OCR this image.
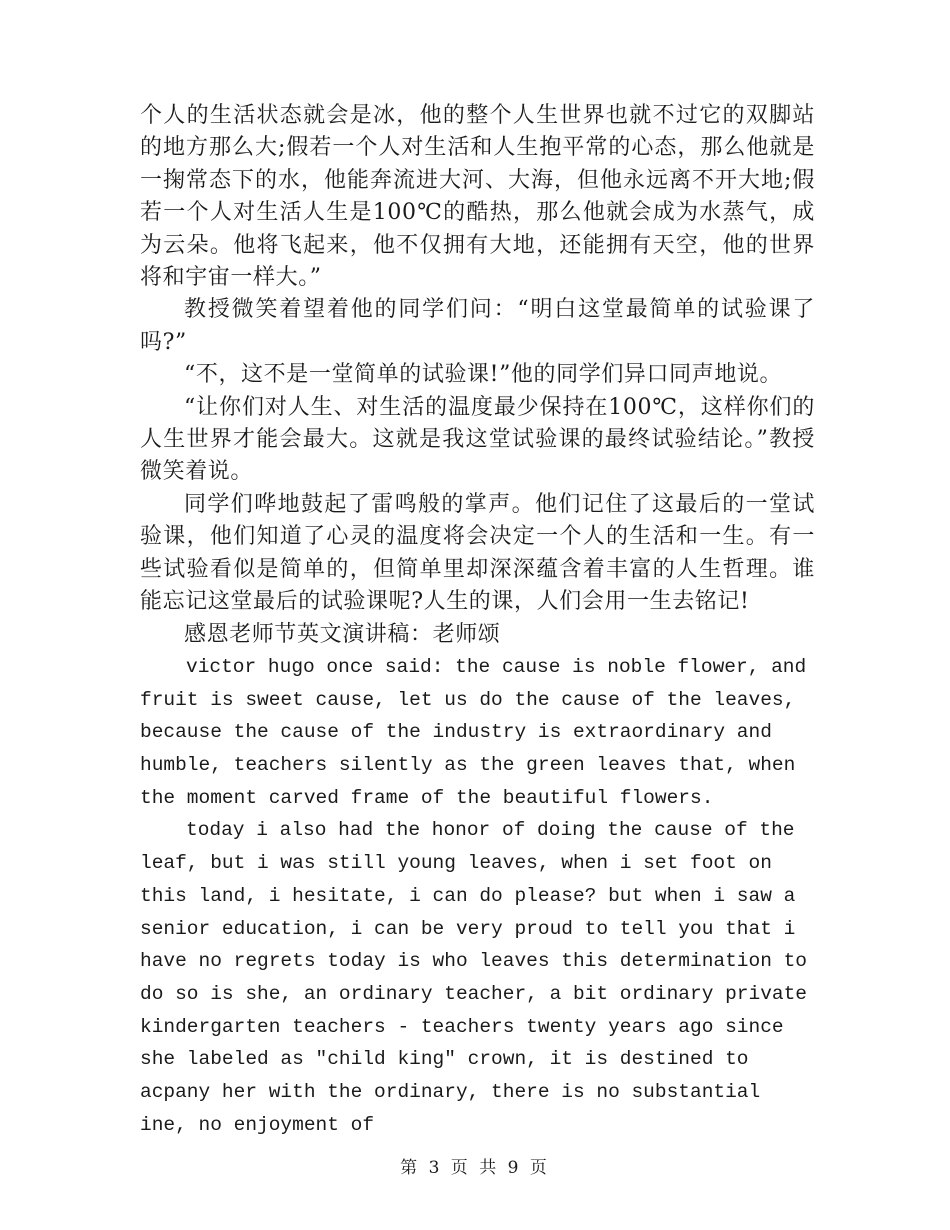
个人的生活状态就会是冰，他的整个人生世界也就不过它的双脚站的地方那么大;假若一个人对生活和人生抱平常的心态，那么他就是一掬常态下的水，他能奔流进大河、大海，但他永远离不开大地;假若一个人对生活人生是100℃的酷热，那么他就会成为水蒸气，成为云朵。他将飞起来，他不仅拥有大地，还能拥有天空，他的世界将和宇宙一样大。”

教授微笑着望着他的同学们问：“明白这堂最简单的试验课了吗?”

“不，这不是一堂简单的试验课!”他的同学们异口同声地说。

“让你们对人生、对生活的温度最少保持在100℃，这样你们的人生世界才能会最大。这就是我这堂试验课的最终试验结论。”教授微笑着说。

同学们哗地鼓起了雷鸣般的掌声。他们记住了这最后的一堂试验课，他们知道了心灵的温度将会决定一个人的生活和一生。有一些试验看似是简单的，但简单里却深深蕴含着丰富的人生哲理。谁能忘记这堂最后的试验课呢?人生的课，人们会用一生去铭记!

感恩老师节英文演讲稿：老师颂

victor hugo once said: the cause is noble flower, and fruit is sweet cause, let us do the cause of the leaves, because the cause of the industry is extraordinary and humble, teachers silently as the green leaves that, when the moment carved frame of the beautiful flowers.

today i also had the honor of doing the cause of the leaf, but i was still young leaves, when i set foot on this land, i hesitate, i can do please? but when i saw a senior education, i can be very proud to tell you that i have no regrets today is who leaves this determination to do so is she, an ordinary teacher, a bit ordinary private kindergarten teachers - teachers twenty years ago since she labeled as "child king" crown, it is destined to acpany her with the ordinary, there is no substantial ine, no enjoyment of

第 3 页 共 9 页
